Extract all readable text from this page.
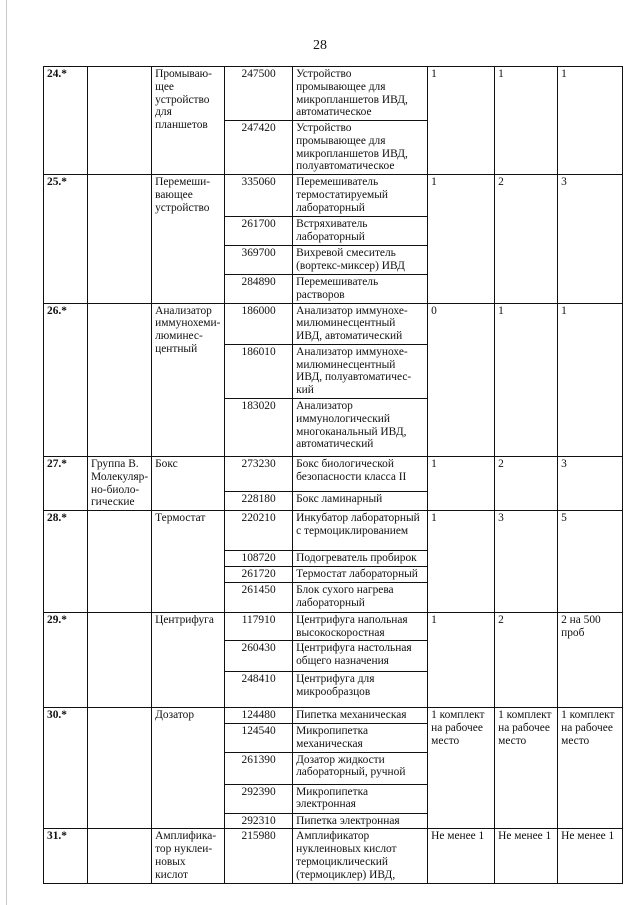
28
24.*		Промываю-щее устройство для планшетов	247500	Устройство промывающее для микропланшетов ИВД, автоматическое	1	1	1
			247420	Устройство промывающее для микропланшетов ИВД, полуавтоматическое			
25.*		Перемеши-вающее устройство	335060	Перемешиватель термостатируемый лабораторный	1	2	3
			261700	Встряхиватель лабораторный			
			369700	Вихревой смеситель (вортекс-миксер) ИВД			
			284890	Перемешиватель растворов			
26.*		Анализатор иммунохеми-люминес-центный	186000	Анализатор иммунохе-милюминесцентный ИВД, автоматический	0	1	1
			186010	Анализатор иммунохе-милюминесцентный ИВД, полуавтоматичес-кий			
			183020	Анализатор иммунологический многоканальный ИВД, автоматический			
27.*	Группа В. Молекуляр-но-биоло-гические	Бокс	273230	Бокс биологической безопасности класса II	1	2	3
			228180	Бокс ламинарный			
28.*		Термостат	220210	Инкубатор лабораторный с термоциклированием	1	3	5
			108720	Подогреватель пробирок			
			261720	Термостат лабораторный			
			261450	Блок сухого нагрева лабораторный			
29.*		Центрифуга	117910	Центрифуга напольная высокоскоростная	1	2	2 на 500 проб
			260430	Центрифуга настольная общего назначения			
			248410	Центрифуга для микрообразцов			
30.*		Дозатор	124480	Пипетка механическая	1 комплект на рабочее место	1 комплект на рабочее место	1 комплект на рабочее место
			124540	Микропипетка механическая			
			261390	Дозатор жидкости лабораторный, ручной			
			292390	Микропипетка электронная			
			292310	Пипетка электронная			
31.*		Амплифика-тор нуклеи-новых кислот	215980	Амплификатор нуклеиновых кислот термоциклический (термоциклер) ИВД,	Не менее 1	Не менее 1	Не менее 1
